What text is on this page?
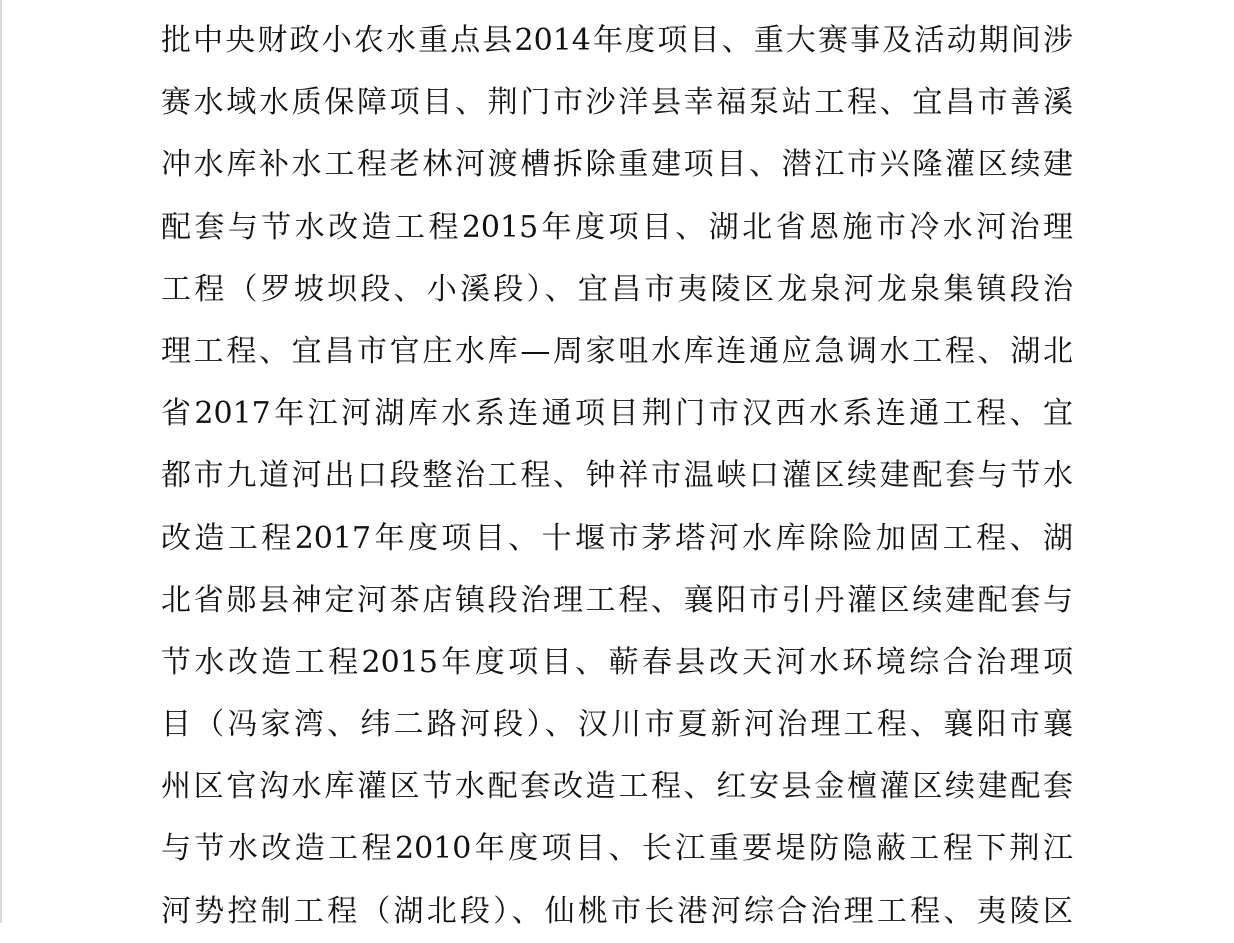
批中央财政小农水重点县2014年度项目、重大赛事及活动期间涉
赛水域水质保障项目、荆门市沙洋县幸福泵站工程、宜昌市善溪
冲水库补水工程老林河渡槽拆除重建项目、潜江市兴隆灌区续建
配套与节水改造工程2015年度项目、湖北省恩施市冷水河治理
工程（罗坡坝段、小溪段）、宜昌市夷陵区龙泉河龙泉集镇段治
理工程、宜昌市官庄水库—周家咀水库连通应急调水工程、湖北
省2017年江河湖库水系连通项目荆门市汉西水系连通工程、宜
都市九道河出口段整治工程、钟祥市温峡口灌区续建配套与节水
改造工程2017年度项目、十堰市茅塔河水库除险加固工程、湖
北省郧县神定河茶店镇段治理工程、襄阳市引丹灌区续建配套与
节水改造工程2015年度项目、蕲春县改天河水环境综合治理项
目（冯家湾、纬二路河段）、汉川市夏新河治理工程、襄阳市襄
州区官沟水库灌区节水配套改造工程、红安县金檀灌区续建配套
与节水改造工程2010年度项目、长江重要堤防隐蔽工程下荆江
河势控制工程（湖北段）、仙桃市长港河综合治理工程、夷陵区
